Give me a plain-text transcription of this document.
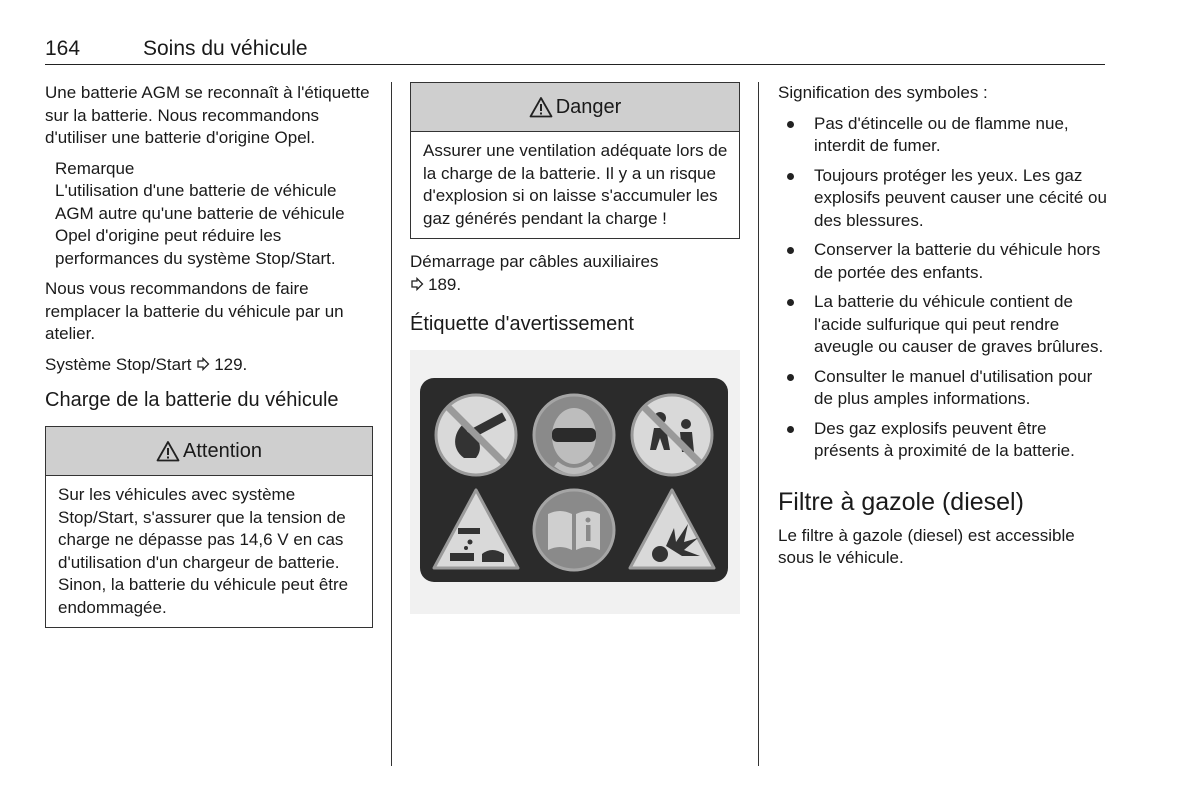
164	Soins du véhicule

Une batterie AGM se reconnaît à l'étiquette sur la batterie. Nous recommandons d'utiliser une batterie d'origine Opel.

Remarque
L'utilisation d'une batterie de véhicule AGM autre qu'une batterie de véhicule Opel d'origine peut réduire les performances du système Stop/Start.

Nous vous recommandons de faire remplacer la batterie du véhicule par un atelier.

Système Stop/Start 129.

Charge de la batterie du véhicule
Attention
Sur les véhicules avec système Stop/Start, s'assurer que la tension de charge ne dépasse pas 14,6 V en cas d'utilisation d'un chargeur de batterie. Sinon, la batterie du véhicule peut être endommagée.
Danger
Assurer une ventilation adéquate lors de la charge de la batterie. Il y a un risque d'explosion si on laisse s'accumuler les gaz générés pendant la charge !

Démarrage par câbles auxiliaires
189.

Étiquette d'avertissement

Signification des symboles :

Pas d'étincelle ou de flamme nue, interdit de fumer.
Toujours protéger les yeux. Les gaz explosifs peuvent causer une cécité ou des blessures.
Conserver la batterie du véhicule hors de portée des enfants.
La batterie du véhicule contient de l'acide sulfurique qui peut rendre aveugle ou causer de graves brûlures.
Consulter le manuel d'utilisation pour de plus amples informations.
Des gaz explosifs peuvent être présents à proximité de la batterie.
Filtre à gazole (diesel)

Le filtre à gazole (diesel) est accessible sous le véhicule.
